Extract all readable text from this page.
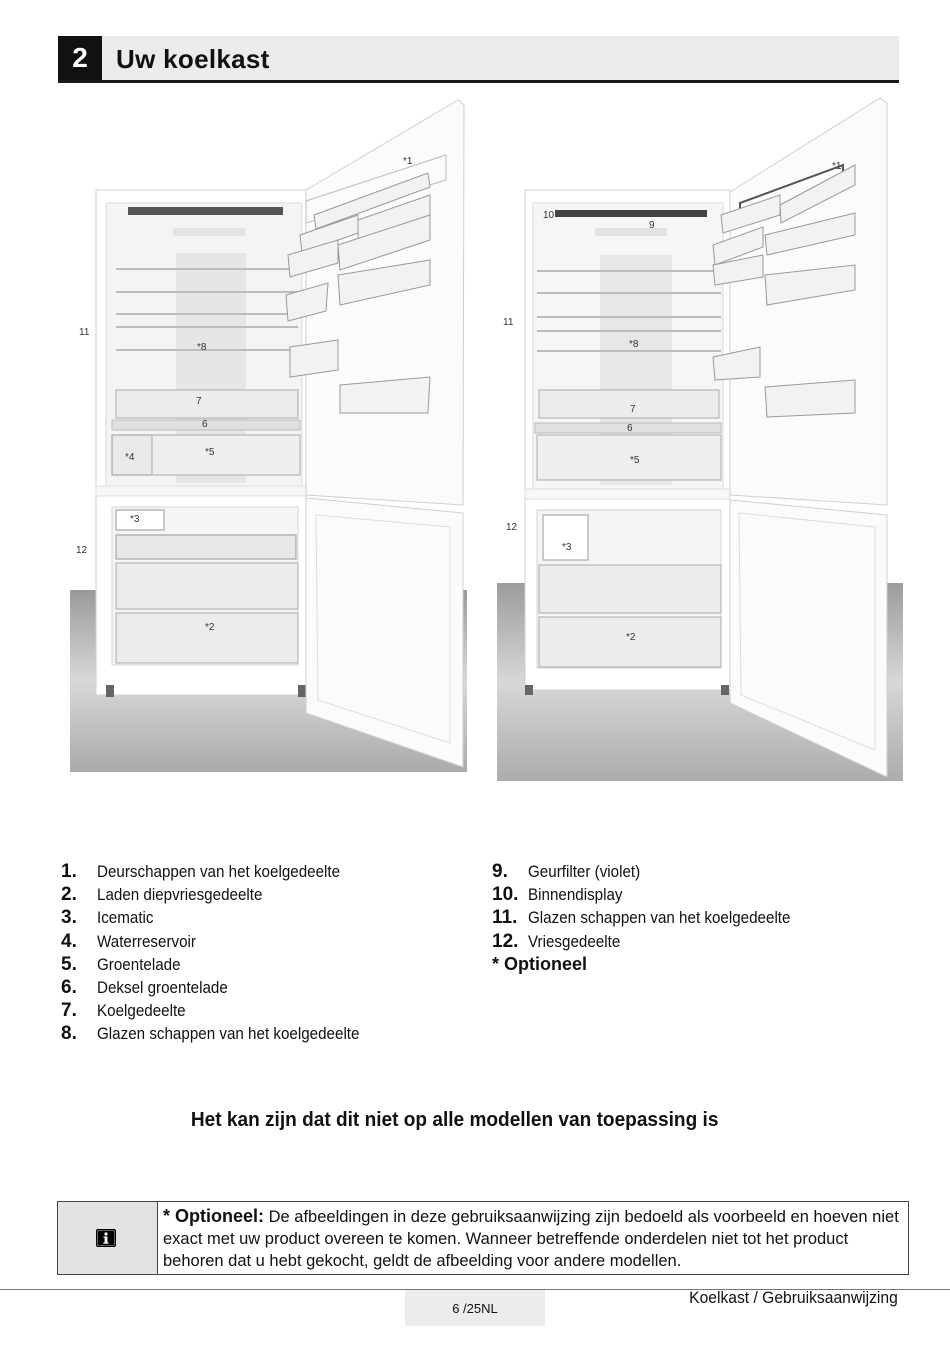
2	Uw koelkast
*1
11
*8
7
6
*4	*5
*3
12
*2
*1
10
9
11
*8
7
6
*5
12
*3
*2
1. Deurschappen van het koelgedeelte
2. Laden diepvriesgedeelte
3. Icematic
4. Waterreservoir
5. Groentelade
6. Deksel groentelade
7. Koelgedeelte
8. Glazen schappen van het koelgedeelte
9. Geurfilter (violet)
10. Binnendisplay
11. Glazen schappen van het koelgedeelte
12. Vriesgedeelte
* Optioneel
Het kan zijn dat dit niet op alle modellen van toepassing is
* Optioneel: De afbeeldingen in deze gebruiksaanwijzing zijn bedoeld als voorbeeld en hoeven niet exact met uw product overeen te komen. Wanneer betreffende onderdelen niet tot het product behoren dat u hebt gekocht, geldt de afbeelding voor andere modellen.
6 /25NL
Koelkast / Gebruiksaanwijzing
